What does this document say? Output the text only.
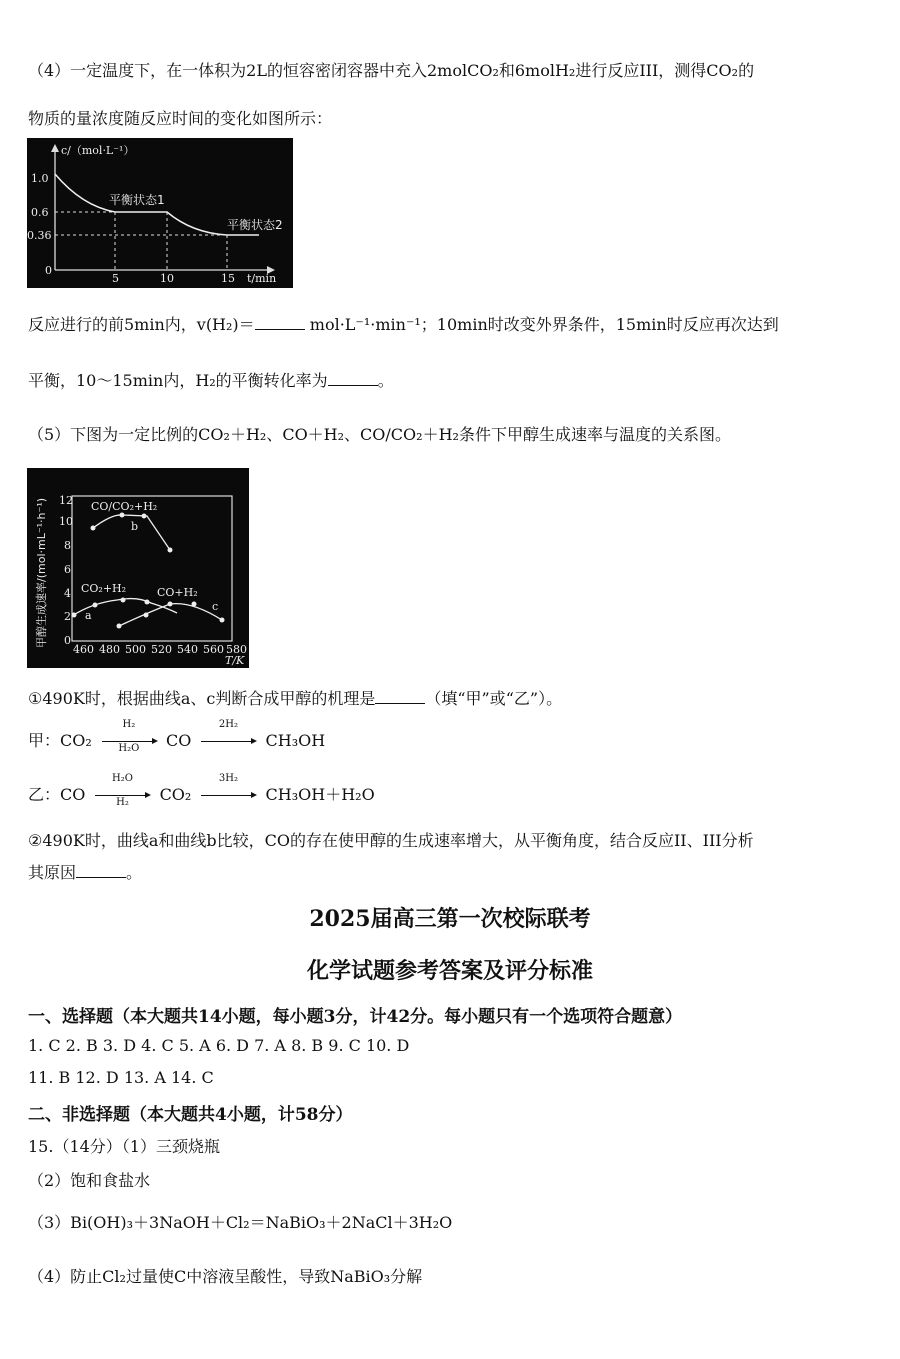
（4）一定温度下，在一体积为2L的恒容密闭容器中充入2molCO₂和6molH₂进行反应III，测得CO₂的
物质的量浓度随反应时间的变化如图所示：
c/（mol·L⁻¹）
t/min
1.0
0.6
0.36
0
5	10	15
平衡状态1
平衡状态2
反应进行的前5min内，v(H₂)＝	mol·L⁻¹·min⁻¹；10min时改变外界条件，15min时反应再次达到
平衡，10～15min内，H₂的平衡转化率为	。
（5）下图为一定比例的CO₂＋H₂、CO＋H₂、CO/CO₂＋H₂条件下甲醇生成速率与温度的关系图。
甲醇生成速率/(mol·mL⁻¹·h⁻¹) 12
10
8
6
4
2
0
460 480 500 520 540 560 580
T/K
CO/CO₂+H₂
b
CO₂+H₂
a
CO+H₂
c
①490K时，根据曲线a、c判断合成甲醇的机理是	（填“甲”或“乙”）。
甲：$CO_2 \frac{\text{H₂}}{\text{H₂O}}$ CO
2H₂
CH₃OH
乙：CO $\frac{\text{H₂O}}{\text{H₂}} CO_2$
3H₂
CH₃OH＋H₂O
②490K时，曲线a和曲线b比较，CO的存在使甲醇的生成速率增大，从平衡角度，结合反应II、III分析
其原因	。
2025届高三第一次校际联考
化学试题参考答案及评分标准
一、选择题（本大题共14小题，每小题3分，计42分。每小题只有一个选项符合题意）
1. C 2. B 3. D 4. C 5. A 6. D 7. A 8. B 9. C 10. D
11. B 12. D 13. A 14. C
二、非选择题（本大题共4小题，计58分）
15.（14分）（1）三颈烧瓶
（2）饱和食盐水
（3）Bi(OH)₃＋3NaOH＋Cl₂＝NaBiO₃＋2NaCl＋3H₂O
（4）防止Cl₂过量使C中溶液呈酸性，导致NaBiO₃分解
